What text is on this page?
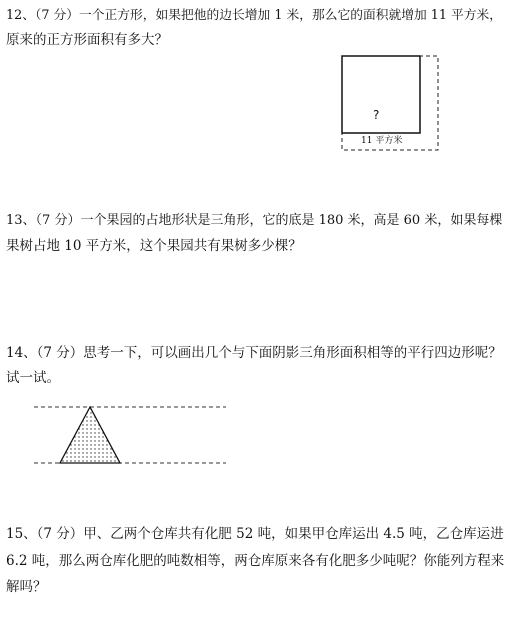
12、（7 分）一个正方形，如果把他的边长增加 1 米，那么它的面积就增加 11 平方米，
原来的正方形面积有多大？
?
11 平方米
13、（7 分）一个果园的占地形状是三角形，它的底是 180 米，高是 60 米，如果每棵
果树占地 10 平方米，这个果园共有果树多少棵？
14、（7 分）思考一下，可以画出几个与下面阴影三角形面积相等的平行四边形呢？
试一试。
15、（7 分）甲、乙两个仓库共有化肥 52 吨，如果甲仓库运出 4.5 吨，乙仓库运进
6.2 吨，那么两仓库化肥的吨数相等，两仓库原来各有化肥多少吨呢？你能列方程来
解吗？
